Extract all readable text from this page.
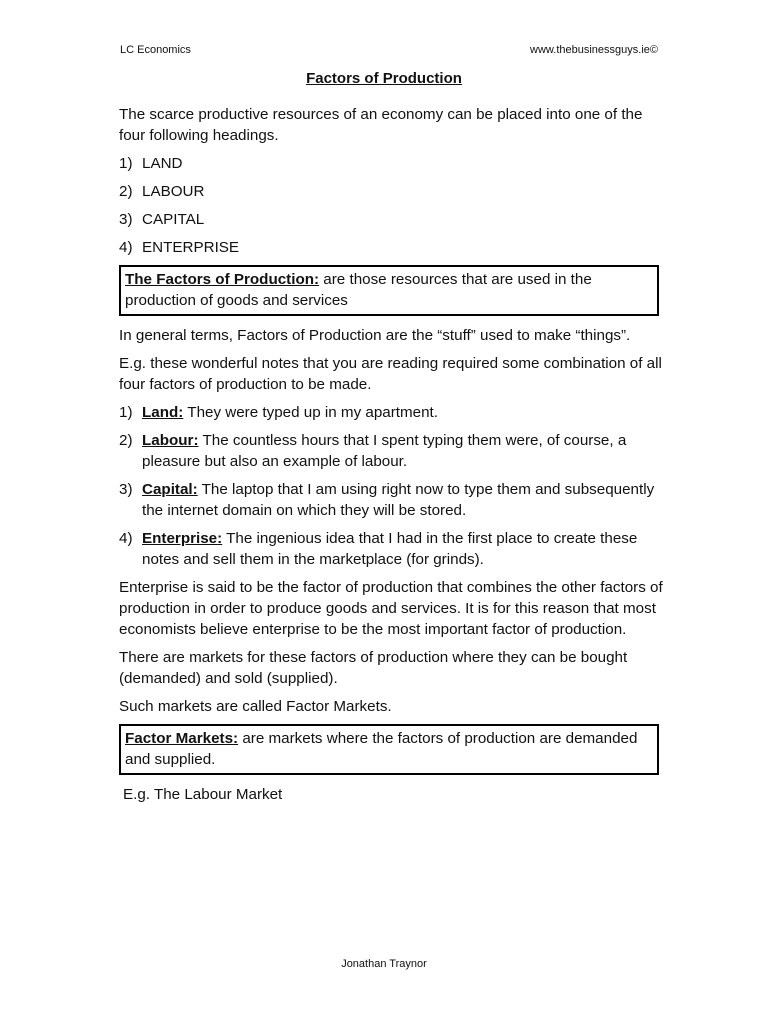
LC Economics	www.thebusinessguys.ie©
Factors of Production

The scarce productive resources of an economy can be placed into one of the four following headings.

1) LAND
2) LABOUR
3) CAPITAL
4) ENTERPRISE
The Factors of Production: are those resources that are used in the production of goods and services

In general terms, Factors of Production are the “stuff” used to make “things”.

E.g. these wonderful notes that you are reading required some combination of all four factors of production to be made.

1) Land: They were typed up in my apartment.
2) Labour: The countless hours that I spent typing them were, of course, a pleasure but also an example of labour.
3) Capital: The laptop that I am using right now to type them and subsequently the internet domain on which they will be stored.
4) Enterprise: The ingenious idea that I had in the first place to create these notes and sell them in the marketplace (for grinds).

Enterprise is said to be the factor of production that combines the other factors of production in order to produce goods and services. It is for this reason that most economists believe enterprise to be the most important factor of production.

There are markets for these factors of production where they can be bought (demanded) and sold (supplied).

Such markets are called Factor Markets.

Factor Markets: are markets where the factors of production are demanded and supplied.

E.g. The Labour Market

Jonathan Traynor
